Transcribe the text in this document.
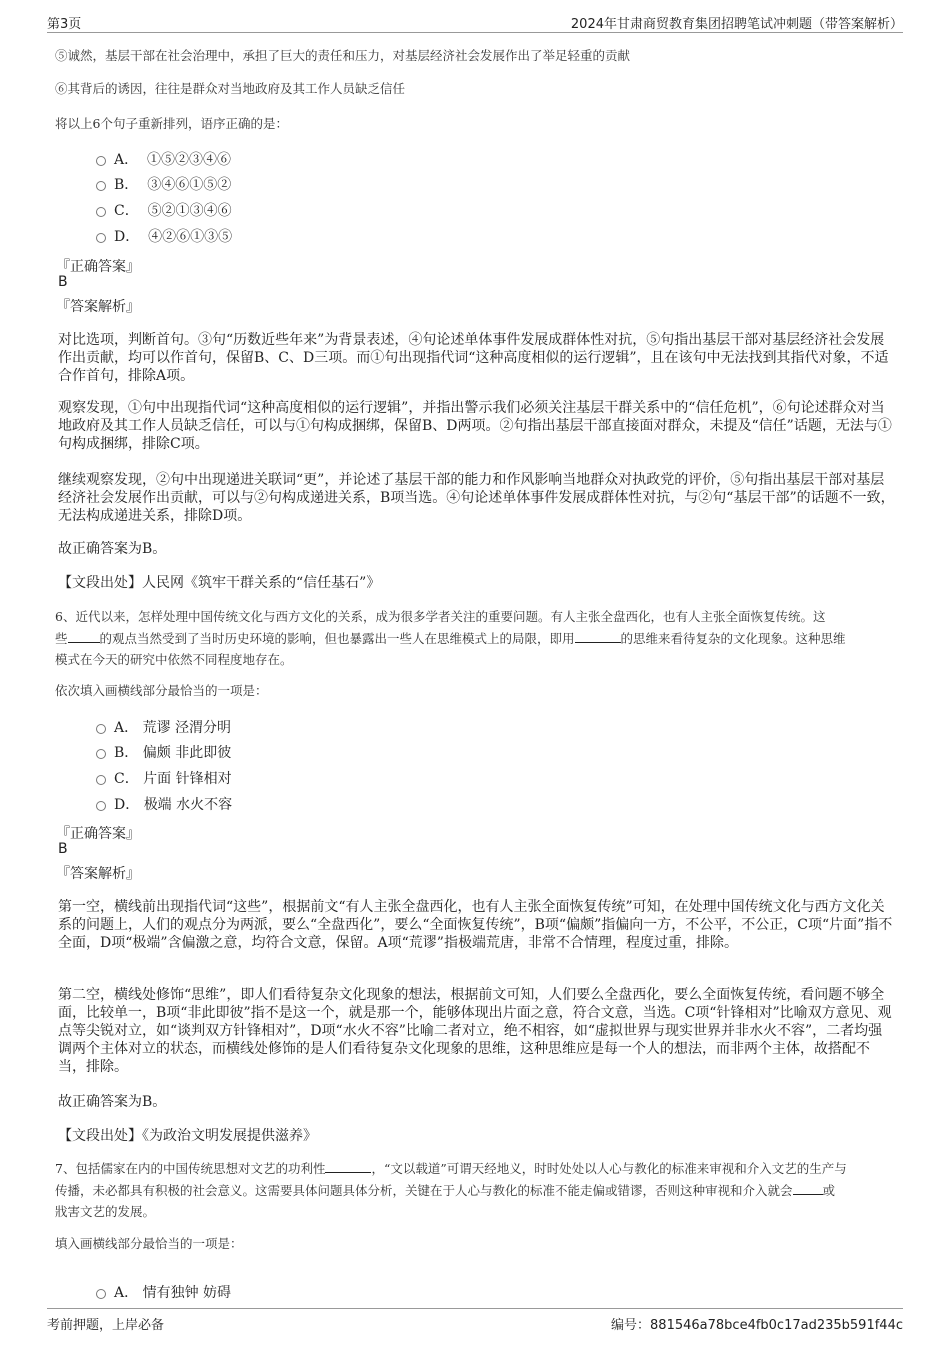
第3页	2024年甘肃商贸教育集团招聘笔试冲刺题（带答案解析）
⑤诚然，基层干部在社会治理中，承担了巨大的责任和压力，对基层经济社会发展作出了举足轻重的贡献
⑥其背后的诱因，往往是群众对当地政府及其工作人员缺乏信任
将以上6个句子重新排列，语序正确的是：
A． ①⑤②③④⑥
B． ③④⑥①⑤②
C． ⑤②①③④⑥
D． ④②⑥①③⑤
『正确答案』
B
『答案解析』
对比选项，判断首句。③句“历数近些年来”为背景表述，④句论述单体事件发展成群体性对抗，⑤句指出基层干部对基层经济社会发展作出贡献，均可以作首句，保留B、C、D三项。而①句出现指代词“这种高度相似的运行逻辑”，且在该句中无法找到其指代对象，不适合作首句，排除A项。
观察发现，①句中出现指代词“这种高度相似的运行逻辑”，并指出警示我们必须关注基层干群关系中的“信任危机”，⑥句论述群众对当地政府及其工作人员缺乏信任，可以与①句构成捆绑，保留B、D两项。②句指出基层干部直接面对群众，未提及“信任”话题，无法与①句构成捆绑，排除C项。
继续观察发现，②句中出现递进关联词“更”，并论述了基层干部的能力和作风影响当地群众对执政党的评价，⑤句指出基层干部对基层经济社会发展作出贡献，可以与②句构成递进关系，B项当选。④句论述单体事件发展成群体性对抗，与②句“基层干部”的话题不一致，无法构成递进关系，排除D项。
故正确答案为B。
【文段出处】人民网《筑牢干群关系的“信任基石”》
6、近代以来，怎样处理中国传统文化与西方文化的关系，成为很多学者关注的重要问题。有人主张全盘西化，也有人主张全面恢复传统。这
些	的观点当然受到了当时历史环境的影响，但也暴露出一些人在思维模式上的局限，即用	的思维来看待复杂的文化现象。这种思维
模式在今天的研究中依然不同程度地存在。
依次填入画横线部分最恰当的一项是：
A． 荒谬 泾渭分明
B． 偏颇 非此即彼
C． 片面 针锋相对
D． 极端 水火不容
『正确答案』
B
『答案解析』
第一空，横线前出现指代词“这些”，根据前文“有人主张全盘西化，也有人主张全面恢复传统”可知，在处理中国传统文化与西方文化关系的问题上，人们的观点分为两派，要么“全盘西化”，要么“全面恢复传统”，B项“偏颇”指偏向一方，不公平，不公正，C项“片面”指不全面，D项“极端”含偏激之意，均符合文意，保留。A项“荒谬”指极端荒唐，非常不合情理，程度过重，排除。
第二空，横线处修饰“思维”，即人们看待复杂文化现象的想法，根据前文可知，人们要么全盘西化，要么全面恢复传统，看问题不够全面，比较单一，B项“非此即彼”指不是这一个，就是那一个，能够体现出片面之意，符合文意，当选。C项“针锋相对”比喻双方意见、观点等尖锐对立，如“谈判双方针锋相对”，D项“水火不容”比喻二者对立，绝不相容，如“虚拟世界与现实世界并非水火不容”，二者均强调两个主体对立的状态，而横线处修饰的是人们看待复杂文化现象的思维，这种思维应是每一个人的想法，而非两个主体，故搭配不当，排除。
故正确答案为B。
【文段出处】《为政治文明发展提供滋养》
7、包括儒家在内的中国传统思想对文艺的功利性	，“文以载道”可谓天经地义，时时处处以人心与教化的标准来审视和介入文艺的生产与
传播，未必都具有积极的社会意义。这需要具体问题具体分析，关键在于人心与教化的标准不能走偏或错谬，否则这种审视和介入就会 或
戕害文艺的发展。
填入画横线部分最恰当的一项是：
A． 情有独钟 妨碍
考前押题，上岸必备	编号：881546a78bce4fb0c17ad235b591f44c
